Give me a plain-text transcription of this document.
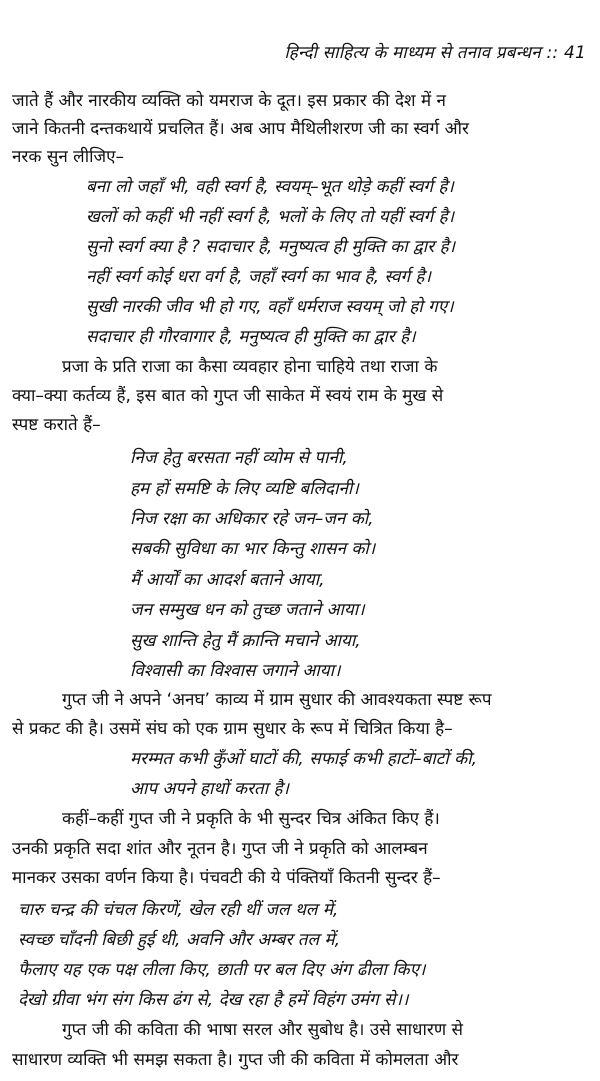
हिन्दी साहित्य के माध्यम से तनाव प्रबन्धन :: 41
जाते हैं और नारकीय व्यक्ति को यमराज के दूत। इस प्रकार की देश में न
जाने कितनी दन्तकथायें प्रचलित हैं। अब आप मैथिलीशरण जी का स्वर्ग और
नरक सुन लीजिए–
बना लो जहाँ भी, वही स्वर्ग है, स्वयम्–भूत थोड़े कहीं स्वर्ग है।
खलों को कहीं भी नहीं स्वर्ग है, भलों के लिए तो यहीं स्वर्ग है।
सुनो स्वर्ग क्या है ? सदाचार है, मनुष्यत्व ही मुक्ति का द्वार है।
नहीं स्वर्ग कोई धरा वर्ग है, जहाँ स्वर्ग का भाव है, स्वर्ग है।
सुखी नारकी जीव भी हो गए, वहाँ धर्मराज स्वयम् जो हो गए।
सदाचार ही गौरवागार है, मनुष्यत्व ही मुक्ति का द्वार है।
प्रजा के प्रति राजा का कैसा व्यवहार होना चाहिये तथा राजा के
क्या–क्या कर्तव्य हैं, इस बात को गुप्त जी साकेत में स्वयं राम के मुख से
स्पष्ट कराते हैं–
निज हेतु बरसता नहीं व्योम से पानी,
हम हों समष्टि के लिए व्यष्टि बलिदानी।
निज रक्षा का अधिकार रहे जन–जन को,
सबकी सुविधा का भार किन्तु शासन को।
मैं आर्यों का आदर्श बताने आया,
जन सम्मुख धन को तुच्छ जताने आया।
सुख शान्ति हेतु मैं क्रान्ति मचाने आया,
विश्वासी का विश्वास जगाने आया।
गुप्त जी ने अपने ‘अनघ’ काव्य में ग्राम सुधार की आवश्यकता स्पष्ट रूप
से प्रकट की है। उसमें संघ को एक ग्राम सुधार के रूप में चित्रित किया है–
मरम्मत कभी कुँओं घाटों की, सफाई कभी हाटों–बाटों की,
आप अपने हाथों करता है।
कहीं–कहीं गुप्त जी ने प्रकृति के भी सुन्दर चित्र अंकित किए हैं।
उनकी प्रकृति सदा शांत और नूतन है। गुप्त जी ने प्रकृति को आलम्बन
मानकर उसका वर्णन किया है। पंचवटी की ये पंक्तियाँ कितनी सुन्दर हैं–
चारु चन्द्र की चंचल किरणें, खेल रही थीं जल थल में,
स्वच्छ चाँदनी बिछी हुई थी, अवनि और अम्बर तल में,
फैलाए यह एक पक्ष लीला किए, छाती पर बल दिए अंग ढीला किए।
देखो ग्रीवा भंग संग किस ढंग से, देख रहा है हमें विहंग उमंग से।।
गुप्त जी की कविता की भाषा सरल और सुबोध है। उसे साधारण से
साधारण व्यक्ति भी समझ सकता है। गुप्त जी की कविता में कोमलता और
